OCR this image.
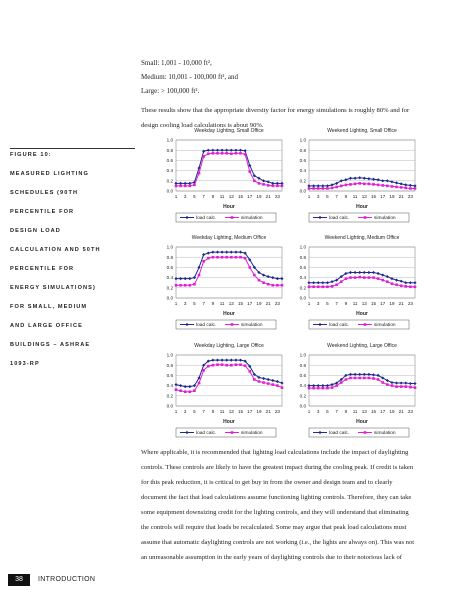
Small: 1,001 - 10,000 ft²,
Medium: 10,001 - 100,000 ft², and
Large: > 100,000 ft².
These results show that the appropriate diversity factor for energy simulations is roughly 80% and for
design cooling load calculations is about 90%.
FIGURE 10:
MEASURED LIGHTING
SCHEDULES (90TH
PERCENTILE FOR
DESIGN LOAD
CALCULATION AND 50TH
PERCENTILE FOR
ENERGY SIMULATIONS)
FOR SMALL, MEDIUM
AND LARGE OFFICE
BUILDINGS – ASHRAE
1093-RP
Weekday Lighting, Small Office
0.0
0.2
0.4
0.6
0.8
1.0
1 3 5 7 9 11 13 15 17 19 21 23
Hour
load calc.	simulation
Weekend Lighting, Small Office
0.0
0.2
0.4
0.6
0.8
1.0
1 3 5 7 9 11 13 15 17 19 21 23
Hour
load calc.	simulation
Weekday Lighting, Medium Office
0.0
0.2
0.4
0.6
0.8
1.0
1 3 5 7 9 11 13 15 17 19 21 23
Hour
load calc.	simulation
Weekend Lighting, Medium Office
0.0
0.2
0.4
0.6
0.8
1.0
1 3 5 7 9 11 13 15 17 19 21 23
Hour
load calc.	simulation
Weekday Lighting, Large Office
0.0
0.2
0.4
0.6
0.8
1.0
1 3 5 7 9 11 13 15 17 19 21 23
Hour
load calc.	simulation
Weekend Lighting, Large Office
0.0
0.2
0.4
0.6
0.8
1.0
1 3 5 7 9 11 13 15 17 19 21 23
Hour
load calc.	simulation
Where applicable, it is recommended that lighting load calculations include the impact of daylighting
controls. These controls are likely to have the greatest impact during the cooling peak. If credit is taken
for this peak reduction, it is critical to get buy in from the owner and design team and to clearly
document the fact that load calculations assume functioning lighting controls. Therefore, they can take
some equipment downsizing credit for the lighting controls, and they will understand that eliminating
the controls will require that loads be recalculated. Some may argue that peak load calculations must
assume that automatic daylighting controls are not working (i.e., the lights are always on). This was not
an unreasonable assumption in the early years of daylighting controls due to their notorious lack of
38	INTRODUCTION
